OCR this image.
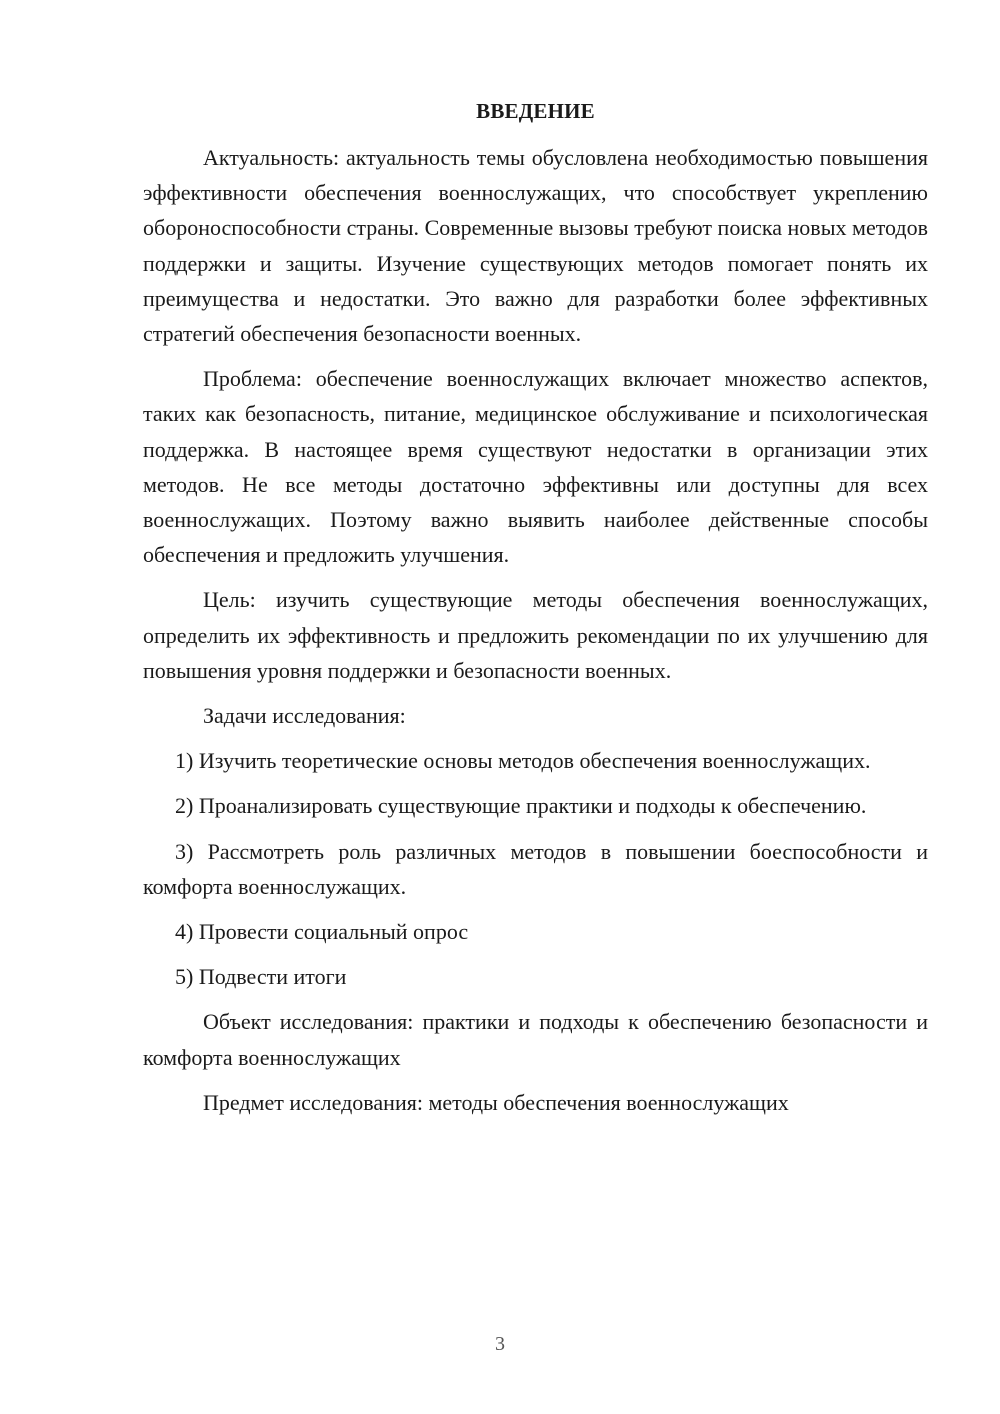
ВВЕДЕНИЕ

Актуальность: актуальность темы обусловлена необходимостью повышения эффективности обеспечения военнослужащих, что способствует укреплению обороноспособности страны. Современные вызовы требуют поиска новых методов поддержки и защиты. Изучение существующих методов помогает понять их преимущества и недостатки. Это важно для разработки более эффективных стратегий обеспечения безопасности военных.

Проблема: обеспечение военнослужащих включает множество аспектов, таких как безопасность, питание, медицинское обслуживание и психологическая поддержка. В настоящее время существуют недостатки в организации этих методов. Не все методы достаточно эффективны или доступны для всех военнослужащих. Поэтому важно выявить наиболее действенные способы обеспечения и предложить улучшения.

Цель: изучить существующие методы обеспечения военнослужащих, определить их эффективность и предложить рекомендации по их улучшению для повышения уровня поддержки и безопасности военных.

Задачи исследования:

1) Изучить теоретические основы методов обеспечения военнослужащих.

2) Проанализировать существующие практики и подходы к обеспечению.

3) Рассмотреть роль различных методов в повышении боеспособности и комфорта военнослужащих.

4) Провести социальный опрос

5) Подвести итоги

Объект исследования: практики и подходы к обеспечению безопасности и комфорта военнослужащих

Предмет исследования: методы обеспечения военнослужащих

3
